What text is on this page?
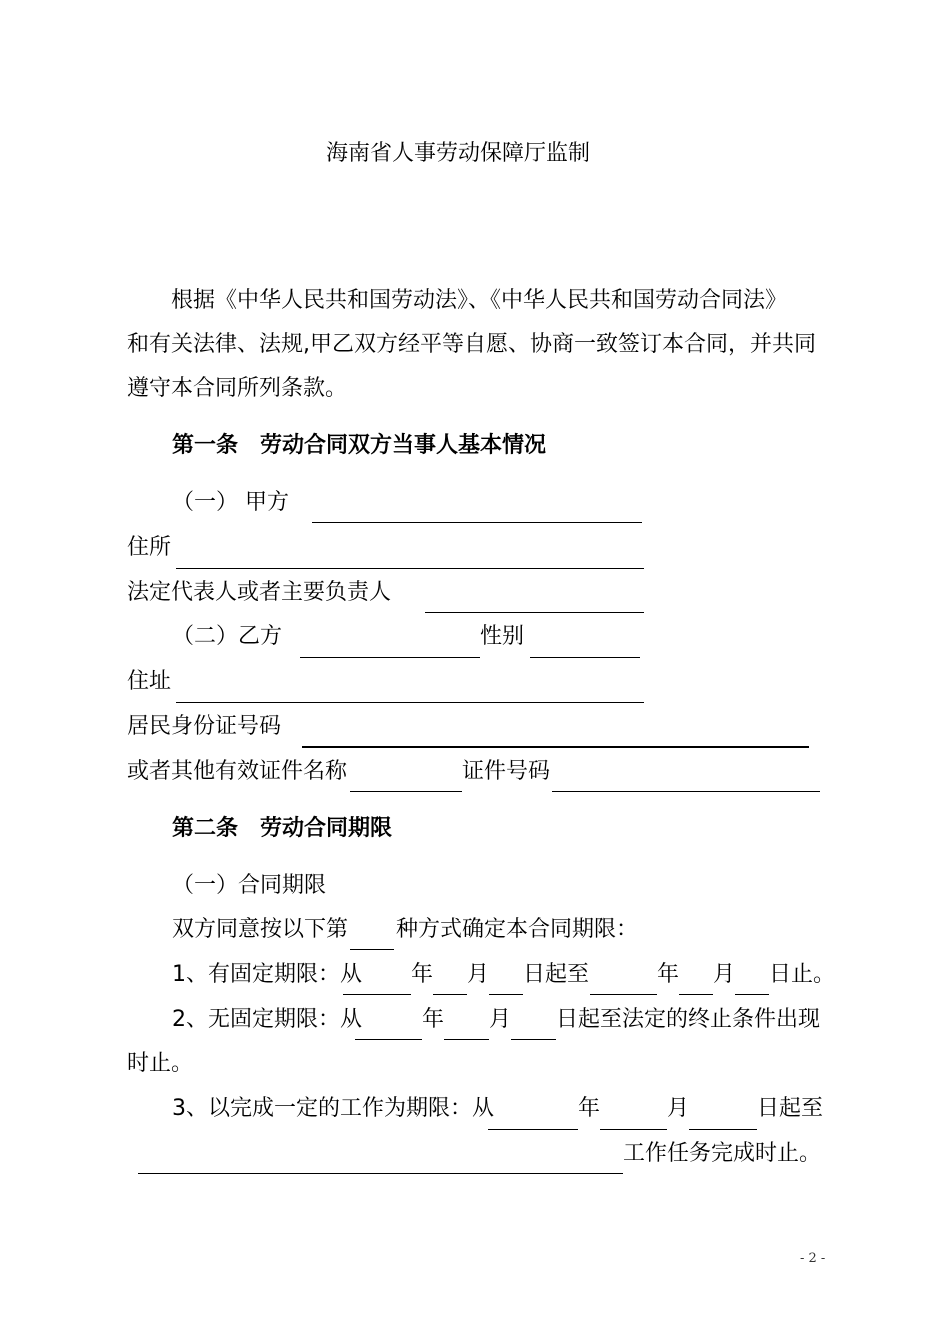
海南省人事劳动保障厅监制
根据《中华人民共和国劳动法》、《中华人民共和国劳动合同法》
和有关法律、法规,甲乙双方经平等自愿、协商一致签订本合同，并共同
遵守本合同所列条款。
第一条　劳动合同双方当事人基本情况
（一） 甲方
住所
法定代表人或者主要负责人
（二）乙方	性别
住址
居民身份证号码
或者其他有效证件名称	证件号码
第二条　劳动合同期限
（一）合同期限
双方同意按以下第 种方式确定本合同期限：
1、有固定期限：从 年 月 日起至	年 月 日止。
2、无固定期限：从	年 月 日起至法定的终止条件出现
时止。
3、以完成一定的工作为期限：从	年	月	日起至
工作任务完成时止。
- 2 -
